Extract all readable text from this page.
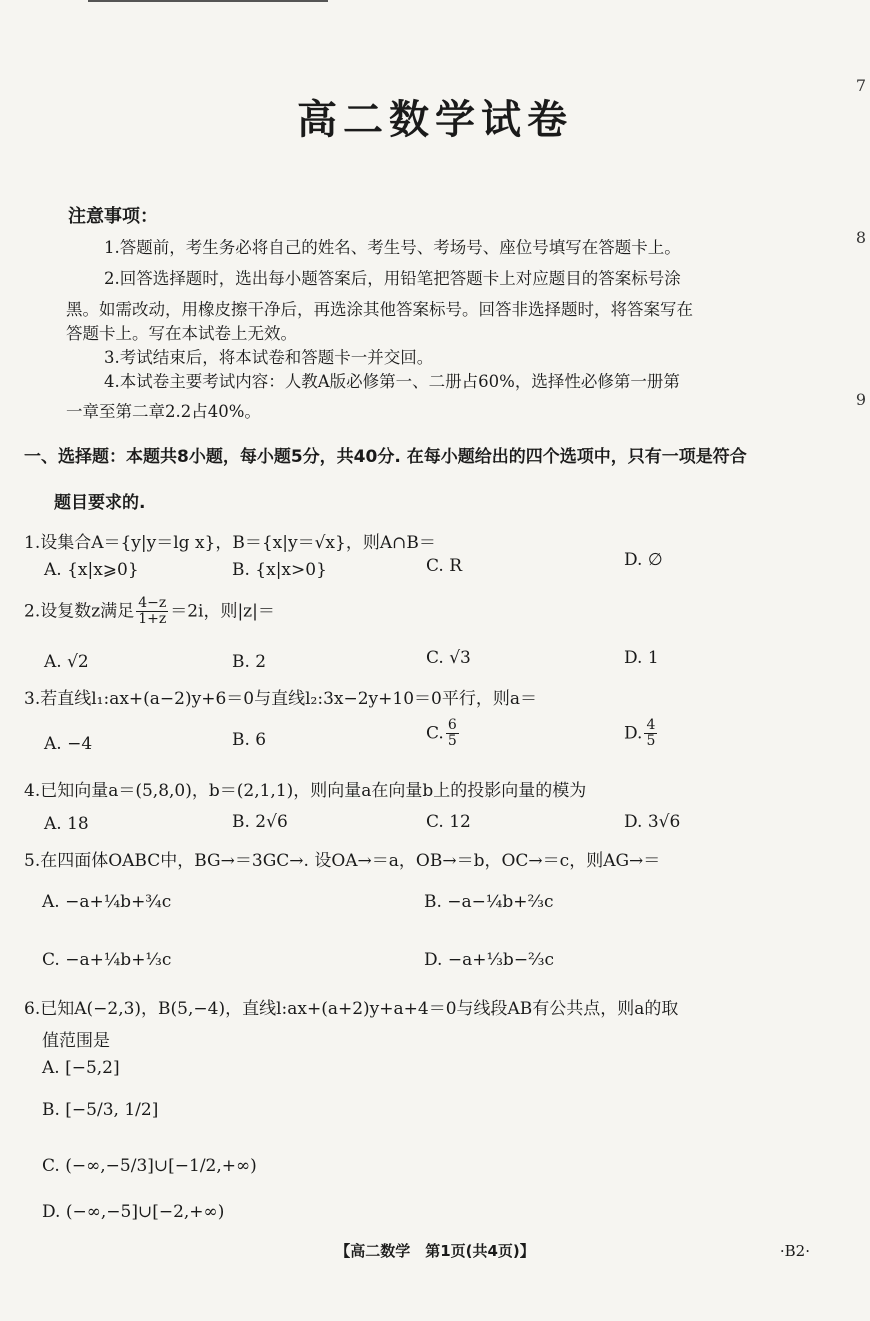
7
8
9
高二数学试卷
注意事项：
1.答题前，考生务必将自己的姓名、考生号、考场号、座位号填写在答题卡上。
2.回答选择题时，选出每小题答案后，用铅笔把答题卡上对应题目的答案标号涂
黑。如需改动，用橡皮擦干净后，再选涂其他答案标号。回答非选择题时，将答案写在
答题卡上。写在本试卷上无效。
3.考试结束后，将本试卷和答题卡一并交回。
4.本试卷主要考试内容：人教A版必修第一、二册占60%，选择性必修第一册第
一章至第二章2.2占40%。
一、选择题：本题共8小题，每小题5分，共40分. 在每小题给出的四个选项中，只有一项是符合
题目要求的.
1.设集合A＝{y|y＝lg x}，B＝{x|y＝√x}，则A∩B＝
A. {x|x⩾0}	B. {x|x>0}	C. R	D. ∅
2.设复数z满足 $\frac{4-z}{1+z} =2i$，则|z|＝
A. √2	B. 2	C. √3	D. 1
3.若直线l₁:ax+(a−2)y+6＝0与直线l₂:3x−2y+10＝0平行，则a＝
A. −4	B. 6	C. $\frac{6}{5}$	D. $\frac{4}{5}$
4.已知向量a＝(5,8,0)，b＝(2,1,1)，则向量a在向量b上的投影向量的模为
A. 18	B. 2√6	C. 12	D. 3√6
5.在四面体OABC中，BG→＝3GC→. 设OA→＝a，OB→＝b，OC→＝c，则AG→＝
A. −a+¼b+¾c	B. −a−¼b+⅔c
C. −a+¼b+⅓c	D. −a+⅓b−⅔c
6.已知A(−2,3)，B(5,−4)，直线l:ax+(a+2)y+a+4＝0与线段AB有公共点，则a的取
值范围是
A. [−5,2]
B. [−5/3, 1/2]
C. (−∞,−5/3]∪[−1/2,+∞)
D. (−∞,−5]∪[−2,+∞)
【高二数学　第1页(共4页)】	·B2·
